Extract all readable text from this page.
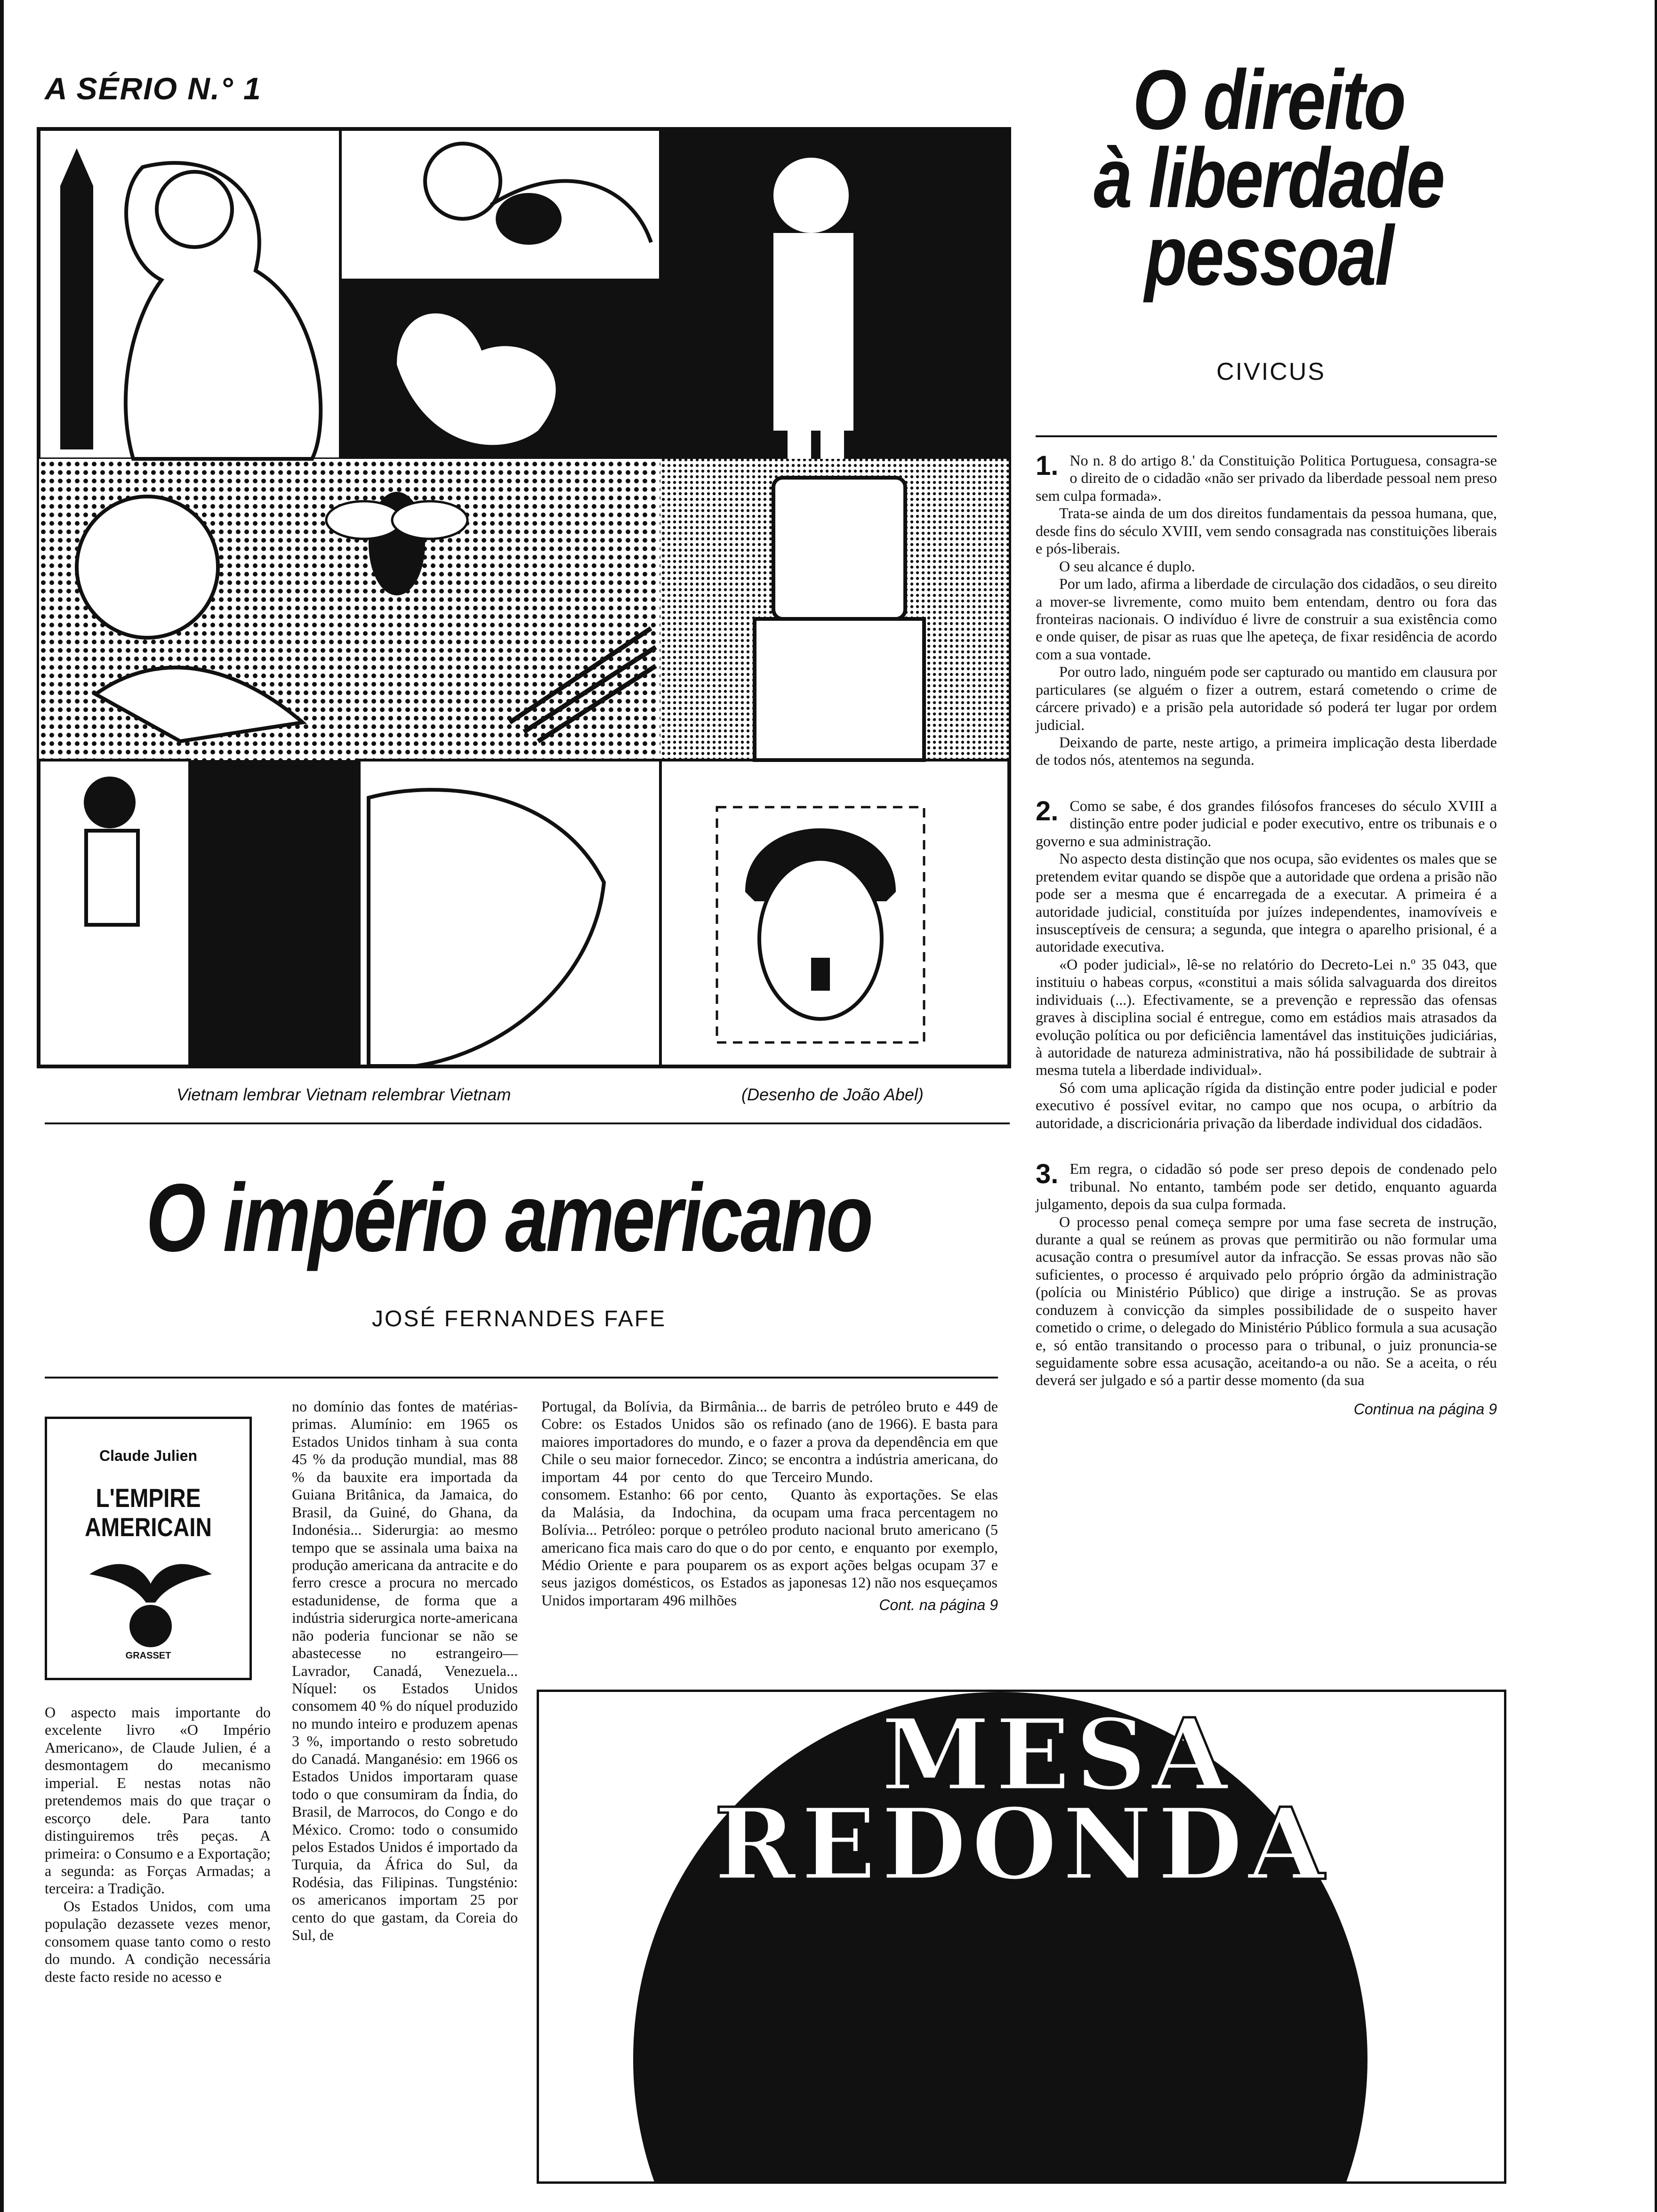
A SÉRIO N.° 1	O direito
à liberdade
pessoal
CIVICUS
Vietnam lembrar Vietnam relembrar Vietnam	(Desenho de João Abel)
O império americano
JOSÉ FERNANDES FAFE
1. No n. 8 do artigo 8.' da Constituição Politica Portuguesa, consagra-se o direito de o cidadão «não ser privado da liberdade pessoal nem preso sem culpa formada».

Trata-se ainda de um dos direitos fundamentais da pessoa humana, que, desde fins do século XVIII, vem sendo consagrada nas constituições liberais e pós-liberais.

O seu alcance é duplo.

Por um lado, afirma a liberdade de circulação dos cidadãos, o seu direito a mover-se livremente, como muito bem entendam, dentro ou fora das fronteiras nacionais. O indivíduo é livre de construir a sua existência como e onde quiser, de pisar as ruas que lhe apeteça, de fixar residência de acordo com a sua vontade.

Por outro lado, ninguém pode ser capturado ou mantido em clausura por particulares (se alguém o fizer a outrem, estará cometendo o crime de cárcere privado) e a prisão pela autoridade só poderá ter lugar por ordem judicial.

Deixando de parte, neste artigo, a primeira implicação desta liberdade de todos nós, atentemos na segunda.

2. Como se sabe, é dos grandes filósofos franceses do século XVIII a distinção entre poder judicial e poder executivo, entre os tribunais e o governo e sua administração.

No aspecto desta distinção que nos ocupa, são evidentes os males que se pretendem evitar quando se dispõe que a autoridade que ordena a prisão não pode ser a mesma que é encarregada de a executar. A primeira é a autoridade judicial, constituída por juízes independentes, inamovíveis e insusceptíveis de censura; a segunda, que integra o aparelho prisional, é a autoridade executiva.

«O poder judicial», lê-se no relatório do Decreto-Lei n.º 35 043, que instituiu o habeas corpus, «constitui a mais sólida salvaguarda dos direitos individuais (...). Efectivamente, se a prevenção e repressão das ofensas graves à disciplina social é entregue, como em estádios mais atrasados da evolução política ou por deficiência lamentável das instituições judiciárias, à autoridade de natureza administrativa, não há possibilidade de subtrair à mesma tutela a liberdade individual».

Só com uma aplicação rígida da distinção entre poder judicial e poder executivo é possível evitar, no campo que nos ocupa, o arbítrio da autoridade, a discricionária privação da liberdade individual dos cidadãos.

3. Em regra, o cidadão só pode ser preso depois de condenado pelo tribunal. No entanto, também pode ser detido, enquanto aguarda julgamento, depois da sua culpa formada.

O processo penal começa sempre por uma fase secreta de instrução, durante a qual se reúnem as provas que permitirão ou não formular uma acusação contra o presumível autor da infracção. Se essas provas não são suficientes, o processo é arquivado pelo próprio órgão da administração (polícia ou Ministério Público) que dirige a instrução. Se as provas conduzem à convicção da simples possibilidade de o suspeito haver cometido o crime, o delegado do Ministério Público formula a sua acusação e, só então transitando o processo para o tribunal, o juiz pronuncia-se seguidamente sobre essa acusação, aceitando-a ou não. Se a aceita, o réu deverá ser julgado e só a partir desse momento (da sua

Continua na página 9
Claude Julien
L'EMPIRE
AMERICAIN
GRASSET

O aspecto mais importante do excelente livro «O Império Americano», de Claude Julien, é a desmontagem do mecanismo imperial. E nestas notas não pretendemos mais do que traçar o escorço dele. Para tanto distinguiremos três peças. A primeira: o Consumo e a Exportação; a segunda: as Forças Armadas; a terceira: a Tradição.

Os Estados Unidos, com uma população dezassete vezes menor, consomem quase tanto como o resto do mundo. A condição necessária deste facto reside no acesso e

no domínio das fontes de matérias-primas. Alumínio: em 1965 os Estados Unidos tinham à sua conta 45 % da produção mundial, mas 88 % da bauxite era importada da Guiana Britânica, da Jamaica, do Brasil, da Guiné, do Ghana, da Indonésia... Siderurgia: ao mesmo tempo que se assinala uma baixa na produção americana da antracite e do ferro cresce a procura no mercado estadunidense, de forma que a indústria siderurgica norte-americana não poderia funcionar se não se abastecesse no estrangeiro—Lavrador, Canadá, Venezuela... Níquel: os Estados Unidos consomem 40 % do níquel produzido no mundo inteiro e produzem apenas 3 %, importando o resto sobretudo do Canadá. Manganésio: em 1966 os Estados Unidos importaram quase todo o que consumiram da Índia, do Brasil, de Marrocos, do Congo e do México. Cromo: todo o consumido pelos Estados Unidos é importado da Turquia, da África do Sul, da Rodésia, das Filipinas. Tungsténio: os americanos importam 25 por cento do que gastam, da Coreia do Sul, de

Portugal, da Bolívia, da Birmânia... Cobre: os Estados Unidos são os maiores importadores do mundo, e o Chile o seu maior fornecedor. Zinco; importam 44 por cento do que consomem. Estanho: 66 por cento, da Malásia, da Indochina, da Bolívia... Petróleo: porque o petróleo americano fica mais caro do que o do Médio Oriente e para pouparem os seus jazigos domésticos, os Estados Unidos importaram 496 milhões

de barris de petróleo bruto e 449 de refinado (ano de 1966). E basta para fazer a prova da dependência em que se encontra a indústria americana, do Terceiro Mundo.

Quanto às exportações. Se elas ocupam uma fraca percentagem no produto nacional bruto americano (5 por cento, e enquanto por exemplo, as export ações belgas ocupam 37 e as japonesas 12) não nos esqueçamos

Cont. na página 9
MESA
REDONDA
